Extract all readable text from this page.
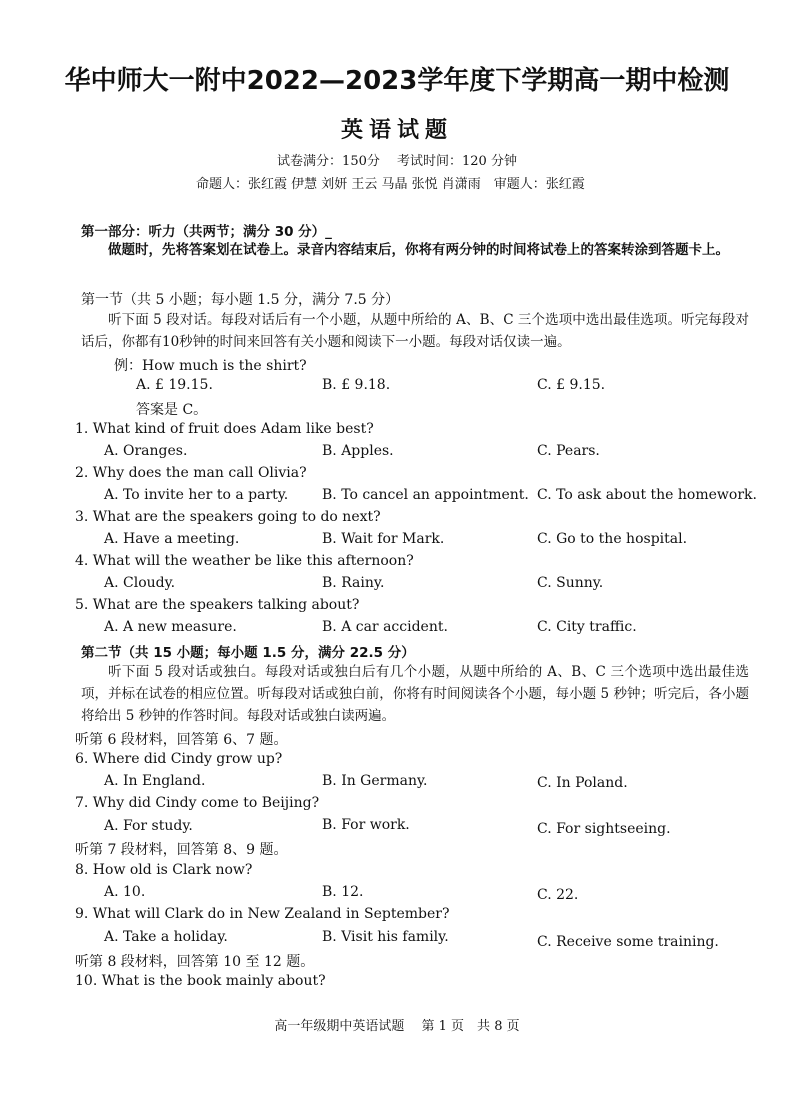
华中师大一附中2022—2023学年度下学期高一期中检测
英语试题
试卷满分：150分　 考试时间：120 分钟
命题人：张红霞 伊慧 刘妍 王云 马晶 张悦 肖潇雨　审题人：张红霞
第一部分：听力（共两节；满分 30 分）_
做题时，先将答案划在试卷上。录音内容结束后，你将有两分钟的时间将试卷上的答案转涂到答题卡上。
第一节（共 5 小题；每小题 1.5 分，满分 7.5 分）
听下面 5 段对话。每段对话后有一个小题，从题中所给的 A、B、C 三个选项中选出最佳选项。听完每段对话后，你都有10秒钟的时间来回答有关小题和阅读下一小题。每段对话仅读一遍。
例：How much is the shirt?
A. £ 19.15.	B. £ 9.18.	C. £ 9.15.
答案是 C。
1. What kind of fruit does Adam like best?
A. Oranges.	B. Apples.	C. Pears.
2. Why does the man call Olivia?
A. To invite her to a party. B. To cancel an appointment. C. To ask about the homework.
3. What are the speakers going to do next?
A. Have a meeting.	B. Wait for Mark.	C. Go to the hospital.
4. What will the weather be like this afternoon?
A. Cloudy.	B. Rainy.	C. Sunny.
5. What are the speakers talking about?
A. A new measure.	B. A car accident.	C. City traffic.
第二节（共 15 小题；每小题 1.5 分，满分 22.5 分）
听下面 5 段对话或独白。每段对话或独白后有几个小题，从题中所给的 A、B、C 三个选项中选出最佳选项，并标在试卷的相应位置。听每段对话或独白前，你将有时间阅读各个小题，每小题 5 秒钟；听完后，各小题将给出 5 秒钟的作答时间。每段对话或独白读两遍。
听第 6 段材料，回答第 6、7 题。
6. Where did Cindy grow up?
A. In England.	B. In Germany.	C. In Poland.
7. Why did Cindy come to Beijing?
A. For study.	B. For work.	C. For sightseeing.
听第 7 段材料，回答第 8、9 题。
8. How old is Clark now?
A. 10.	B. 12.	C. 22.
9. What will Clark do in New Zealand in September?
A. Take a holiday.	B. Visit his family.	C. Receive some training.
听第 8 段材料，回答第 10 至 12 题。
10. What is the book mainly about?
高一年级期中英语试题　 第 1 页　共 8 页
